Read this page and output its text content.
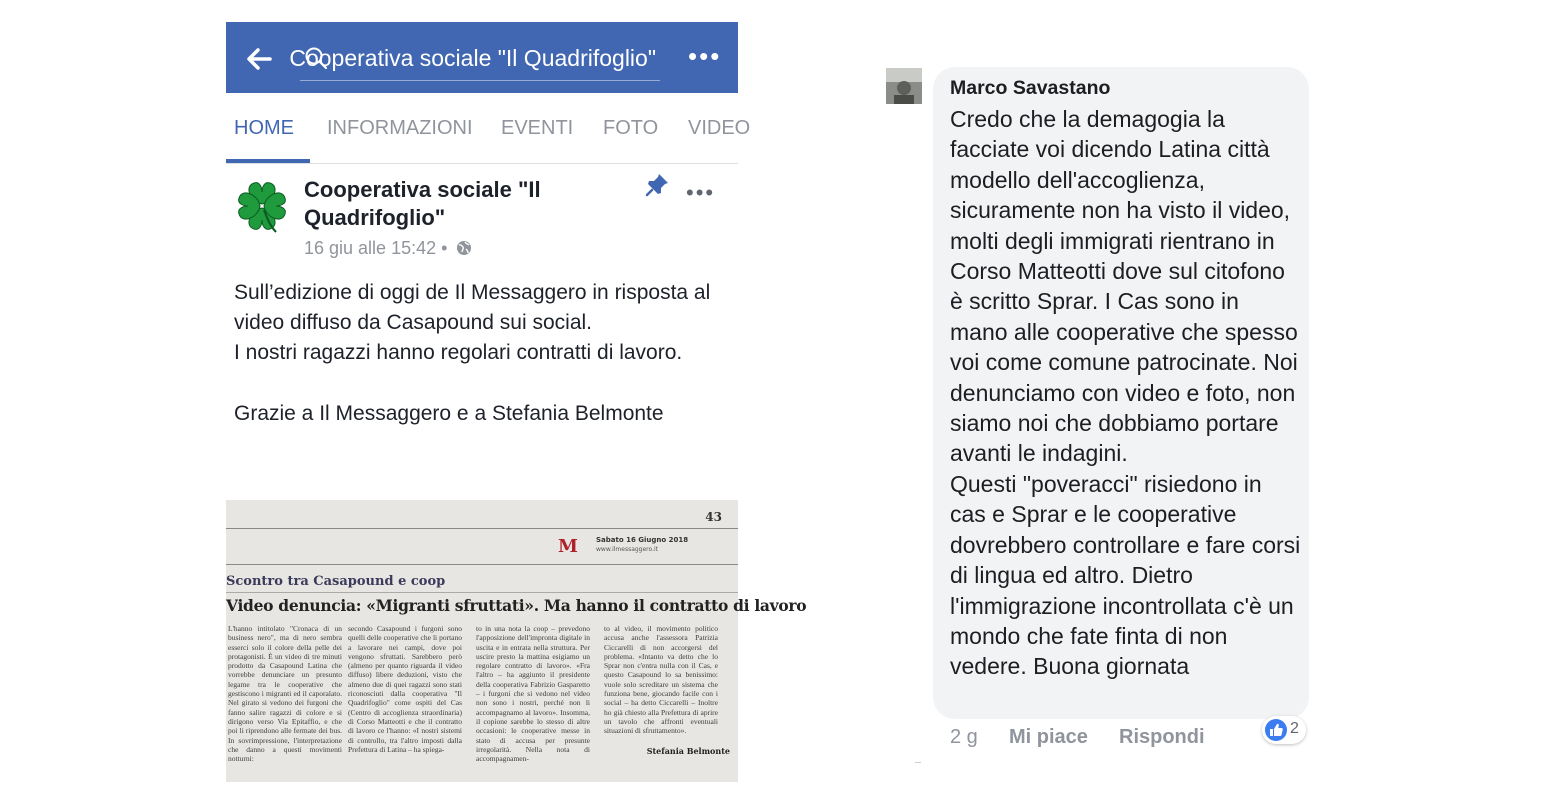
Cooperativa sociale "Il Quadrifoglio" •••
HOME INFORMAZIONI EVENTI FOTO VIDEO
Cooperativa sociale "Il Quadrifoglio"
16 giu alle 15:42 •
•••

Sull’edizione di oggi de Il Messaggero in risposta al video diffuso da Casapound sui social.

I nostri ragazzi hanno regolari contratti di lavoro.

Grazie a Il Messaggero e a Stefania Belmonte

43
M	Sabato 16 Giugno 2018
www.ilmessaggero.it
Scontro tra Casapound e coop
Video denuncia: «Migranti sfruttati». Ma hanno il contratto di lavoro
L'hanno intitolato "Cronaca di un business nero", ma di nero sembra esserci solo il colore della pelle dei protagonisti. È un video di tre minuti prodotto da Casapound Latina che vorrebbe denunciare un presunto legame tra le cooperative che gestiscono i migranti ed il caporalato. Nel girato si vedono dei furgoni che fanno salire ragazzi di colore e si dirigono verso Via Epitaffio, e che poi li riprendono alle fermate dei bus. In sovrimpressione, l'interpretazione che danno a questi movimenti notturni:
secondo Casapound i furgoni sono quelli delle cooperative che li portano a lavorare nei campi, dove poi vengono sfruttati. Sarebbero però (almeno per quanto riguarda il video diffuso) libere deduzioni, visto che almeno due di quei ragazzi sono stati riconosciuti dalla cooperativa "Il Quadrifoglio" come ospiti del Cas (Centro di accoglienza straordinaria) di Corso Matteotti e che il contratto di lavoro ce l'hanno: «I nostri sistemi di controllo, tra l'altro imposti dalla Prefettura di Latina – ha spiega-
to in una nota la coop – prevedono l'apposizione dell'impronta digitale in uscita e in entrata nella struttura. Per uscire presto la mattina esigiamo un regolare contratto di lavoro». «Fra l'altro – ha aggiunto il presidente della cooperativa Fabrizio Gasparetto – i furgoni che si vedono nel video non sono i nostri, perché non li accompagnamo al lavoro». Insomma, il copione sarebbe lo stesso di altre occasioni: le cooperative messe in stato di accusa per presunte irregolarità. Nella nota di accompagnamen-
to al video, il movimento politico accusa anche l'assessora Patrizia Ciccarelli di non accorgersi del problema. «Intanto va detto che lo Sprar non c'entra nulla con il Cas, e questo Casapound lo sa benissimo: vuole solo screditare un sistema che funziona bene, giocando facile con i social – ha detto Ciccarelli – Inoltre ho già chiesto alla Prefettura di aprire un tavolo che affronti eventuali situazioni di sfruttamento».
Stefania Belmonte
Marco Savastano

Credo che la demagogia la facciate voi dicendo Latina città modello dell'accoglienza, sicuramente non ha visto il video, molti degli immigrati rientrano in Corso Matteotti dove sul citofono è scritto Sprar. I Cas sono in mano alle cooperative che spesso voi come comune patrocinate. Noi denunciamo con video e foto, non siamo noi che dobbiamo portare avanti le indagini.

Questi "poveracci" risiedono in cas e Sprar e le cooperative dovrebbero controllare e fare corsi di lingua ed altro. Dietro l'immigrazione incontrollata c'è un mondo che fate finta di non vedere. Buona giornata

2 g Mi piace Rispondi	2
